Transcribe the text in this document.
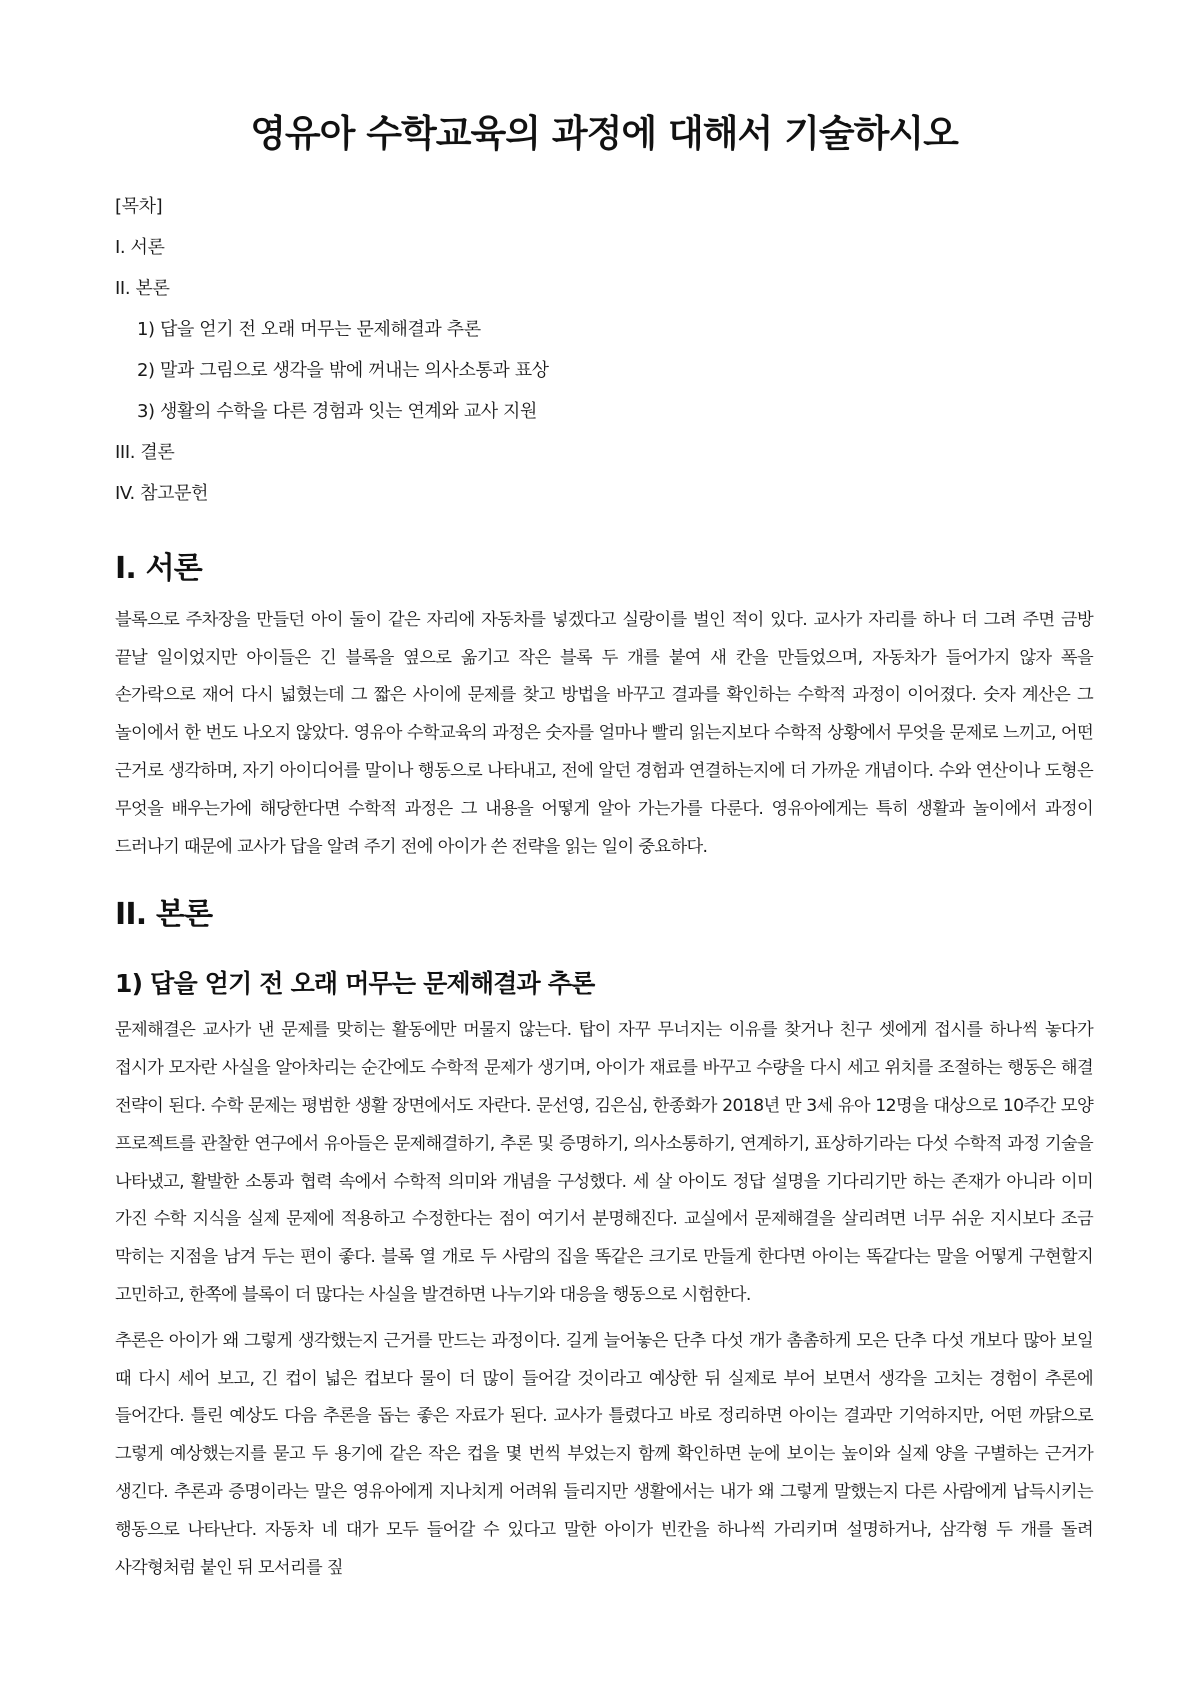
영유아 수학교육의 과정에 대해서 기술하시오
[목차]
I. 서론
II. 본론
1) 답을 얻기 전 오래 머무는 문제해결과 추론
2) 말과 그림으로 생각을 밖에 꺼내는 의사소통과 표상
3) 생활의 수학을 다른 경험과 잇는 연계와 교사 지원
III. 결론
IV. 참고문헌
I. 서론

블록으로 주차장을 만들던 아이 둘이 같은 자리에 자동차를 넣겠다고 실랑이를 벌인 적이 있다. 교사가 자리를 하나 더 그려 주면 금방 끝날 일이었지만 아이들은 긴 블록을 옆으로 옮기고 작은 블록 두 개를 붙여 새 칸을 만들었으며, 자동차가 들어가지 않자 폭을 손가락으로 재어 다시 넓혔는데 그 짧은 사이에 문제를 찾고 방법을 바꾸고 결과를 확인하는 수학적 과정이 이어졌다. 숫자 계산은 그 놀이에서 한 번도 나오지 않았다. 영유아 수학교육의 과정은 숫자를 얼마나 빨리 읽는지보다 수학적 상황에서 무엇을 문제로 느끼고, 어떤 근거로 생각하며, 자기 아이디어를 말이나 행동으로 나타내고, 전에 알던 경험과 연결하는지에 더 가까운 개념이다. 수와 연산이나 도형은 무엇을 배우는가에 해당한다면 수학적 과정은 그 내용을 어떻게 알아 가는가를 다룬다. 영유아에게는 특히 생활과 놀이에서 과정이 드러나기 때문에 교사가 답을 알려 주기 전에 아이가 쓴 전략을 읽는 일이 중요하다.

II. 본론
1) 답을 얻기 전 오래 머무는 문제해결과 추론

문제해결은 교사가 낸 문제를 맞히는 활동에만 머물지 않는다. 탑이 자꾸 무너지는 이유를 찾거나 친구 셋에게 접시를 하나씩 놓다가 접시가 모자란 사실을 알아차리는 순간에도 수학적 문제가 생기며, 아이가 재료를 바꾸고 수량을 다시 세고 위치를 조절하는 행동은 해결 전략이 된다. 수학 문제는 평범한 생활 장면에서도 자란다. 문선영, 김은심, 한종화가 2018년 만 3세 유아 12명을 대상으로 10주간 모양 프로젝트를 관찰한 연구에서 유아들은 문제해결하기, 추론 및 증명하기, 의사소통하기, 연계하기, 표상하기라는 다섯 수학적 과정 기술을 나타냈고, 활발한 소통과 협력 속에서 수학적 의미와 개념을 구성했다. 세 살 아이도 정답 설명을 기다리기만 하는 존재가 아니라 이미 가진 수학 지식을 실제 문제에 적용하고 수정한다는 점이 여기서 분명해진다. 교실에서 문제해결을 살리려면 너무 쉬운 지시보다 조금 막히는 지점을 남겨 두는 편이 좋다. 블록 열 개로 두 사람의 집을 똑같은 크기로 만들게 한다면 아이는 똑같다는 말을 어떻게 구현할지 고민하고, 한쪽에 블록이 더 많다는 사실을 발견하면 나누기와 대응을 행동으로 시험한다.

추론은 아이가 왜 그렇게 생각했는지 근거를 만드는 과정이다. 길게 늘어놓은 단추 다섯 개가 촘촘하게 모은 단추 다섯 개보다 많아 보일 때 다시 세어 보고, 긴 컵이 넓은 컵보다 물이 더 많이 들어갈 것이라고 예상한 뒤 실제로 부어 보면서 생각을 고치는 경험이 추론에 들어간다. 틀린 예상도 다음 추론을 돕는 좋은 자료가 된다. 교사가 틀렸다고 바로 정리하면 아이는 결과만 기억하지만, 어떤 까닭으로 그렇게 예상했는지를 묻고 두 용기에 같은 작은 컵을 몇 번씩 부었는지 함께 확인하면 눈에 보이는 높이와 실제 양을 구별하는 근거가 생긴다. 추론과 증명이라는 말은 영유아에게 지나치게 어려워 들리지만 생활에서는 내가 왜 그렇게 말했는지 다른 사람에게 납득시키는 행동으로 나타난다. 자동차 네 대가 모두 들어갈 수 있다고 말한 아이가 빈칸을 하나씩 가리키며 설명하거나, 삼각형 두 개를 돌려 사각형처럼 붙인 뒤 모서리를 짚
